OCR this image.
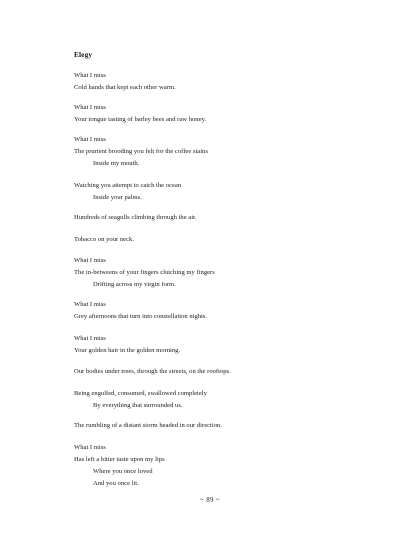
Elegy
What I miss
Cold hands that kept each other warm.
What I miss
Your tongue tasting of barley bees and raw honey.
What I miss
The prurient brooding you felt for the coffee stains
Inside my mouth.
Watching you attempt to catch the ocean
Inside your palms.
Hundreds of seagulls climbing through the air.
Tobacco on your neck.
What I miss
The in-betweens of your fingers clutching my fingers
Drifting across my virgin form.
What I miss
Grey afternoons that turn into constellation nights.
What I miss
Your golden hair in the golden morning.
Our bodies under trees, through the streets, on the rooftops.
Being engulfed, consumed, swallowed completely
By everything that surrounded us.
The rumbling of a distant storm headed in our direction.
What I miss
Has left a bitter taste upon my lips
Where you once loved
And you once lit.
~ 89 ~
